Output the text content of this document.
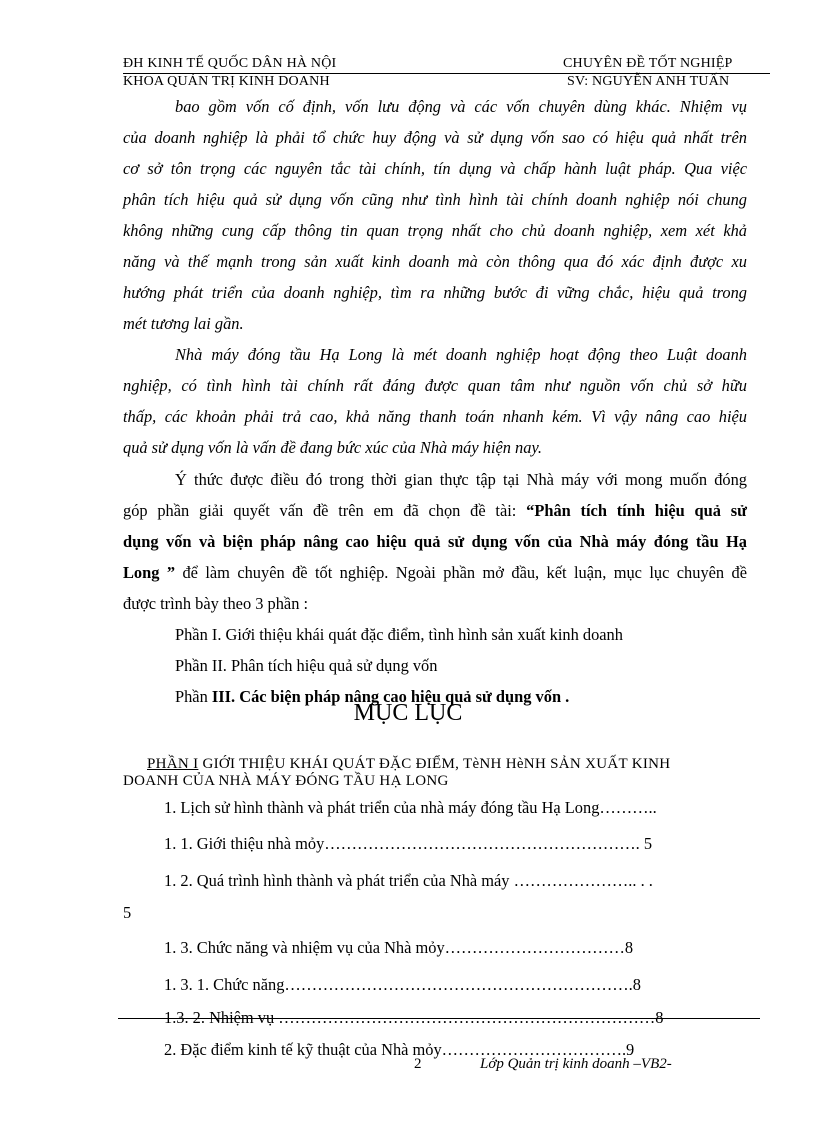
ĐH KINH TẾ QUỐC DÂN HÀ NỘI	CHUYÊN ĐỀ TỐT NGHIỆP
KHOA QUẢN TRỊ KINH DOANH	SV: NGUYỄN ANH TUẤN
bao gồm vốn cố định, vốn lưu động và các vốn chuyên dùng khác. Nhiệm vụ
của doanh nghiệp là phải tổ chức huy động và sử dụng vốn sao có hiệu quả nhất trên
cơ sở tôn trọng các nguyên tắc tài chính, tín dụng và chấp hành luật pháp. Qua việc
phân tích hiệu quả sử dụng vốn cũng như tình hình tài chính doanh nghiệp nói chung
không những cung cấp thông tin quan trọng nhất cho chủ doanh nghiệp, xem xét khả
năng và thế mạnh trong sản xuất kinh doanh mà còn thông qua đó xác định được xu
hướng phát triển của doanh nghiệp, tìm ra những bước đi vững chắc, hiệu quả trong
mét tương lai gần.
Nhà máy đóng tầu Hạ Long là mét doanh nghiệp hoạt động theo Luật doanh
nghiệp, có tình hình tài chính rất đáng được quan tâm như nguồn vốn chủ sở hữu
thấp, các khoản phải trả cao, khả năng thanh toán nhanh kém. Vì vậy nâng cao hiệu
quả sử dụng vốn là vấn đề đang bức xúc của Nhà máy hiện nay.
Ý thức được điều đó trong thời gian thực tập tại Nhà máy với mong muốn đóng
góp phần giải quyết vấn đề trên em đã chọn đề tài: “Phân tích tính hiệu quả sử
dụng vốn và biện pháp nâng cao hiệu quả sử dụng vốn của Nhà máy đóng tầu Hạ
Long ” để làm chuyên đề tốt nghiệp. Ngoài phần mở đầu, kết luận, mục lục chuyên đề
được trình bày theo 3 phần :
Phần I. Giới thiệu khái quát đặc điểm, tình hình sản xuất kinh doanh
Phần II. Phân tích hiệu quả sử dụng vốn
Phần III. Các biện pháp nâng cao hiệu quả sử dụng vốn .
MỤC LỤC
PHẦN I GIỚI THIỆU KHÁI QUÁT ĐẶC ĐIỂM, TèNH HèNH SẢN XUẤT KINH
DOANH CỦA NHÀ MÁY ĐÓNG TẦU HẠ LONG
1. Lịch sử hình thành và phát triển của nhà máy đóng tầu Hạ Long………..
1. 1. Giới thiệu nhà mỏy…………………………………………………. 5
1. 2. Quá trình hình thành và phát triển của Nhà máy ………………….. . .
5
1. 3. Chức năng và nhiệm vụ của Nhà mỏy……………………………8
1. 3. 1. Chức năng……………………………………………………….8
1.3. 2. Nhiệm vụ ……………………………………………………………8
2. Đặc điểm kinh tế kỹ thuật của Nhà mỏy…………………………….9
2	Lớp Quản trị kinh doanh –VB2-
